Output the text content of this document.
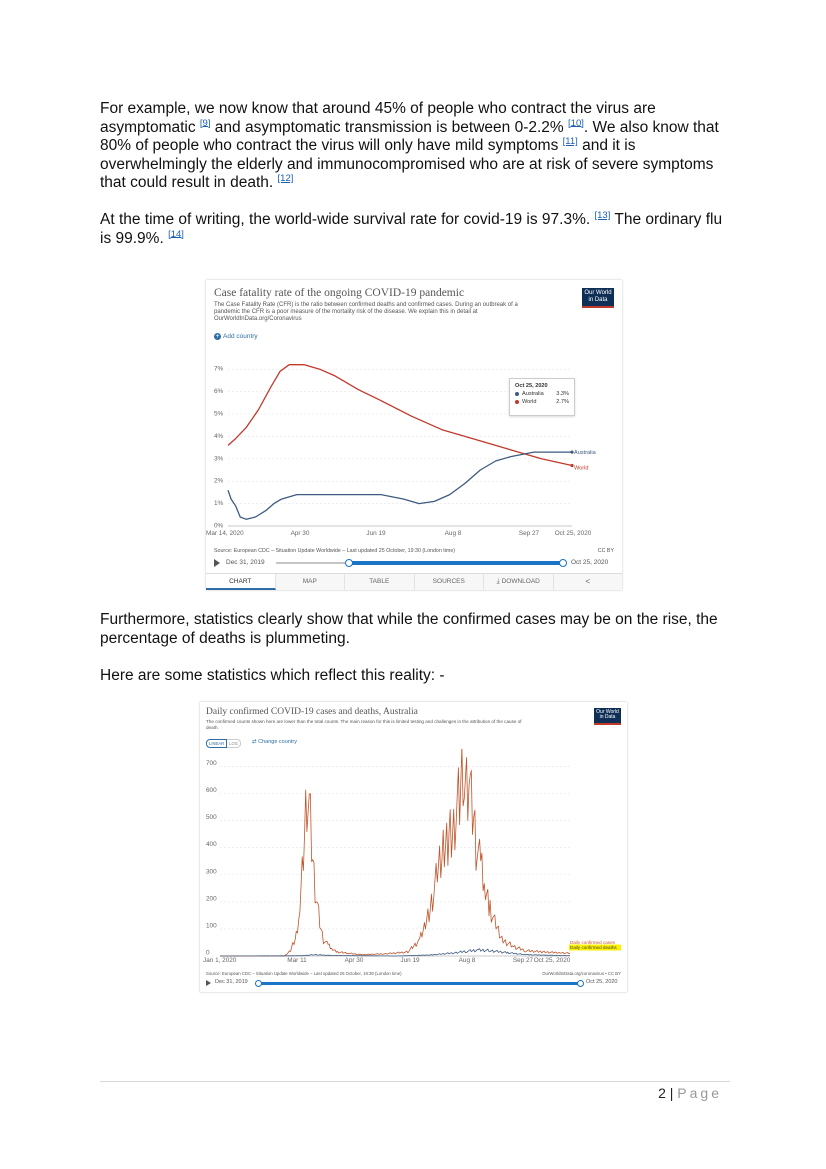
For example, we now know that around 45% of people who contract the virus are asymptomatic [9] and asymptomatic transmission is between 0-2.2% [10]. We also know that 80% of people who contract the virus will only have mild symptoms [11] and it is overwhelmingly the elderly and immunocompromised who are at risk of severe symptoms that could result in death. [12]

At the time of writing, the world-wide survival rate for covid-19 is 97.3%. [13] The ordinary flu is 99.9%. [14]

Case fatality rate of the ongoing COVID-19 pandemic
The Case Fatality Rate (CFR) is the ratio between confirmed deaths and confirmed cases. During an outbreak of a
pandemic the CFR is a poor measure of the mortality risk of the disease. We explain this in detail at
OurWorldInData.org/Coronavirus
Our World
in Data
+ Add country
0%
1%
2%
3%
4%
5%
6%
7%
Mar 14, 2020	Apr 30	Jun 19	Aug 8	Sep 27 Oct 25, 2020
World
Australia
Oct 25, 2020
Australia	3.3%
World	2.7%
Source: European CDC – Situation Update Worldwide – Last updated 25 October, 19:30 (London time)	CC BY
Dec 31, 2019	Oct 25, 2020
CHART	MAP	TABLE	SOURCES	⤓ DOWNLOAD	<

Furthermore, statistics clearly show that while the confirmed cases may be on the rise, the percentage of deaths is plummeting.

Here are some statistics which reflect this reality: -

Daily confirmed COVID-19 cases and deaths, Australia
The confirmed counts shown here are lower than the total counts. The main reason for this is limited testing and challenges in the attribution of the cause of
death.
Our World
in Data
LINEAR	LOG	⇄ Change country
0
100
200
300
400
500
600
700
Jan 1, 2020	Mar 11	Apr 30	Jun 19	Aug 8	Sep 27 Oct 25, 2020
Daily confirmed cases
Daily confirmed deaths
Source: European CDC – Situation Update Worldwide – Last updated 25 October, 19:30 (London time)	OurWorldInData.org/coronavirus • CC BY
Dec 31, 2019	Oct 25, 2020
2 | Page
